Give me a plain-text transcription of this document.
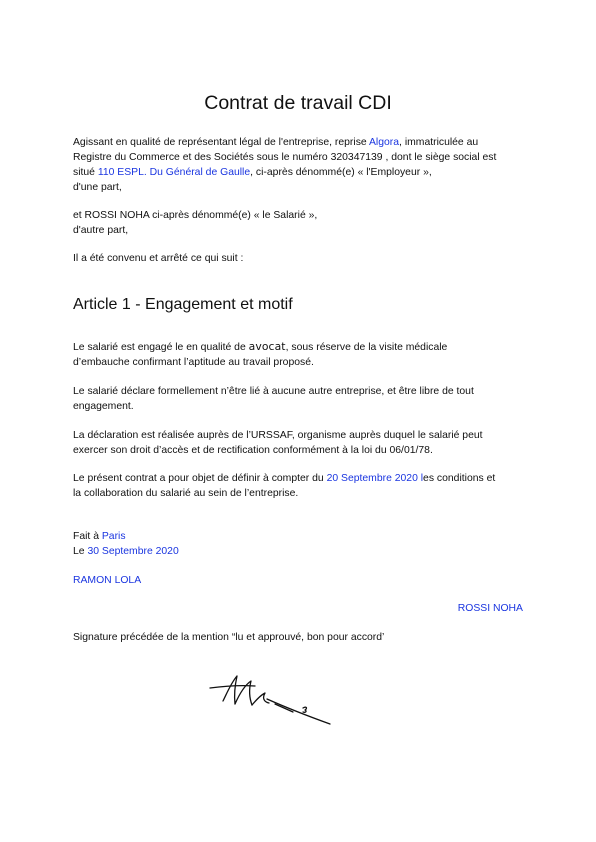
Contrat de travail CDI
Agissant en qualité de représentant légal de l'entreprise, reprise Algora, immatriculée au
Registre du Commerce et des Sociétés sous le numéro 320347139 , dont le siège social est
situé 110 ESPL. Du Général de Gaulle, ci-après dénommé(e) « l'Employeur »,
d'une part,
et ROSSI NOHA ci-après dénommé(e) « le Salarié »,
d'autre part,
Il a été convenu et arrêté ce qui suit :
Article 1 - Engagement et motif
Le salarié est engagé le en qualité de avocat, sous réserve de la visite médicale
d’embauche confirmant l’aptitude au travail proposé.
Le salarié déclare formellement n’être lié à aucune autre entreprise, et être libre de tout
engagement.
La déclaration est réalisée auprès de l’URSSAF, organisme auprès duquel le salarié peut
exercer son droit d’accès et de rectification conformément à la loi du 06/01/78.
Le présent contrat a pour objet de définir à compter du 20 Septembre 2020 les conditions et
la collaboration du salarié au sein de l’entreprise.
Fait à Paris
Le 30 Septembre 2020
RAMON LOLA
ROSSI NOHA
Signature précédée de la mention “lu et approuvé, bon pour accord’
